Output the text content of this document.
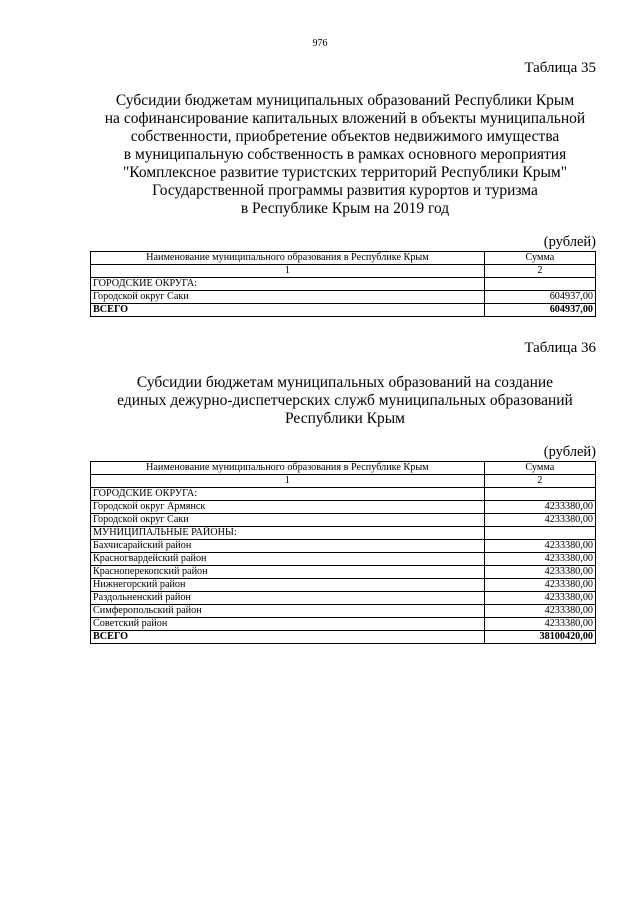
976
Таблица 35
Субсидии бюджетам муниципальных образований Республики Крым
на софинансирование капитальных вложений в объекты муниципальной
собственности, приобретение объектов недвижимого имущества
в муниципальную собственность в рамках основного мероприятия
"Комплексное развитие туристских территорий Республики Крым"
Государственной программы развития курортов и туризма
в Республике Крым на 2019 год
(рублей)
Наименование муниципального образования в Республике Крым	Сумма
1	2
ГОРОДСКИЕ ОКРУГА:	
Городской округ Саки	604937,00
ВСЕГО	604937,00
Таблица 36
Субсидии бюджетам муниципальных образований на создание
единых дежурно-диспетчерских служб муниципальных образований
Республики Крым
(рублей)
Наименование муниципального образования в Республике Крым	Сумма
1	2
ГОРОДСКИЕ ОКРУГА:	
Городской округ Армянск	4233380,00
Городской округ Саки	4233380,00
МУНИЦИПАЛЬНЫЕ РАЙОНЫ:	
Бахчисарайский район	4233380,00
Красногвардейский район	4233380,00
Красноперекопский район	4233380,00
Нижнегорский район	4233380,00
Раздольненский район	4233380,00
Симферопольский район	4233380,00
Советский район	4233380,00
ВСЕГО	38100420,00
